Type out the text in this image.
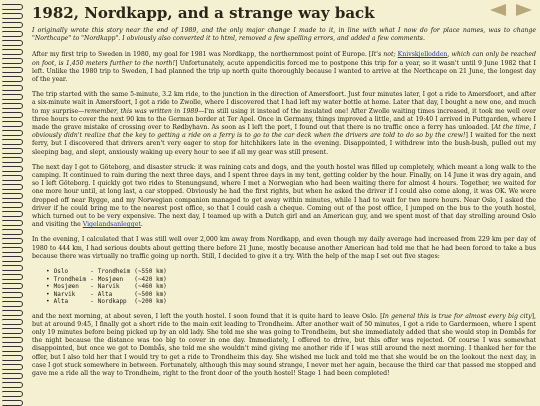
1982, Nordkapp, and a strange way back

I originally wrote this story near the end of 1989, and the only major change I made to it, in line with what I now do for place names, was to change "Northcape" to "Nordkapp". I obviously also converted it to html, removed a few spelling errors, and added a few comments.

After my first trip to Sweden in 1980, my goal for 1981 was Nordkapp, the northernmost point of Europe. [It's not; Knivskjellodden, which can only be reached on foot, is 1,450 meters further to the north!] Unfortunately, acute appendicitis forced me to postpone this trip for a year, so it wasn't until 9 June 1982 that I left. Unlike the 1980 trip to Sweden, I had planned the trip up north quite thoroughly because I wanted to arrive at the Northcape on 21 June, the longest day of the year.

The trip started with the same 5-minute, 3.2 km ride, to the junction in the direction of Amersfoort. Just four minutes later, I got a ride to Amersfoort, and after a six-minute wait in Amersfoort, I got a ride to Zwolle, where I discovered that I had left my water bottle at home. Later that day, I bought a new one, and much to my surprise—remember, this was written in 1989—I'm still using it instead of the insulated one! After Zwolle waiting times increased, it took me well over three hours to cover the next 90 km to the German border at Ter Apel. Once in Germany, things improved a little, and at 19:40 I arrived in Puttgarden, where I made the grave mistake of crossing over to Rødbyhavn. As soon as I left the port, I found out that there is no traffic once a ferry has unloaded. [At the time, I obviously didn't realize that the key to getting a ride on a ferry is to go to the car deck when the drivers are told to do so by the crew!] I waited for the next ferry, but I discovered that drivers aren't very eager to stop for hitchhikers late in the evening. Disappointed, I withdrew into the bush-bush, pulled out my sleeping bag, and slept, anxiously waking up every hour to see if all my gear was still present.

The next day I got to Göteborg, and disaster struck: it was raining cats and dogs, and the youth hostel was filled up completely, which meant a long walk to the camping. It continued to rain during the next three days, and I spent three days in my tent, getting colder by the hour. Finally, on 14 June it was dry again, and so I left Göteborg. I quickly got two rides to Stenungsund, where I met a Norwegian who had been waiting there for almost 4 hours. Together, we waited for one more hour until, at long last, a car stopped. Obviously he had the first rights, but when he asked the driver if I could also come along, it was OK. We were dropped off near Rygge, and my Norwegian companion managed to get away within minutes, while I had to wait for two more hours. Near Oslo, I asked the driver if he could bring me to the nearest post office, so that I could cash a cheque. Coming out of the post office, I jumped on the bus to the youth hostel, which turned out to be very expensive. The next day, I teamed up with a Dutch girl and an American guy, and we spent most of that day strolling around Oslo and visiting the Vigelandsanlegget.

In the evening, I calculated that I was still well over 2,000 km away from Nordkapp, and even though my daily average had increased from 229 km per day of 1980 to 444 km, I had serious doubts about getting there before 21 June, mostly because another American had told me that he had been forced to take a bus because there was virtually no traffic going up north. Still, I decided to give it a try. With the help of the map I set out five stages:

•	Oslo	-	Trondheim	(~550 km)
•	Trondheim	-	Mosjøen	(~420 km)
•	Mosjøen	-	Narvik	(~460 km)
•	Narvik	-	Alta	(~500 km)
•	Alta	-	Nordkapp	(~200 km)

and the next morning, at about seven, I left the youth hostel. I soon found that it is quite hard to leave Oslo. [In general this is true for almost every big city], but at around 9:45, I finally got a short ride to the main exit leading to Trondheim. After another wait of 50 minutes, I got a ride to Gardermoen, where I spent only 19 minutes before being picked up by an old lady. She told me she was going to Trondheim, but she immediately added that she would stop in Dombås for the night because the distance was too big to cover in one day. Immediately, I offered to drive, but this offer was rejected. Of course I was somewhat disappointed, but once we got to Dombås, she told me she wouldn't mind giving me another ride if I was still around the next morning. I thanked her for the offer, but I also told her that I would try to get a ride to Trondheim this day. She wished me luck and told me that she would be on the lookout the next day, in case I got stuck somewhere in between. Fortunately, although this may sound strange, I never met her again, because the third car that passed me stopped and gave me a ride all the way to Trondheim, right to the front door of the youth hostel! Stage 1 had been completed!
